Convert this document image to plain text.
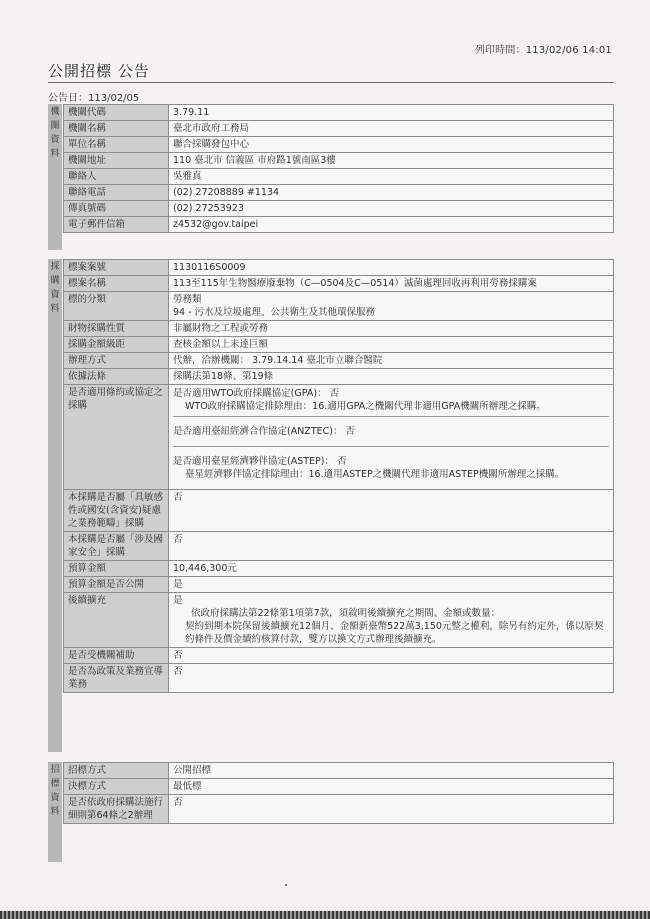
列印時間：113/02/06 14:01
公開招標 公告
公告日：113/02/05
機
關
資
料
機關代碼	3.79.11
機關名稱	臺北市政府工務局
單位名稱	聯合採購發包中心
機關地址	110 臺北市 信義區 市府路1號南區3樓
聯絡人	吳雅真
聯絡電話	(02) 27208889 #1134
傳真號碼	(02) 27253923
電子郵件信箱	z4532@gov.taipei
採
購
資
料
標案案號	1130116S0009
標案名稱	113至115年生物醫療廢棄物（C—0504及C—0514）滅菌處理回收再利用勞務採購案
標的分類	勞務類
94 - 污水及垃圾處理、公共衛生及其他環保服務

財物採購性質	非屬財物之工程或勞務
採購金額級距	查核金額以上未達巨額
辦理方式	代辦，洽辦機關： 3.79.14.14 臺北市立聯合醫院
依據法條	採購法第18條、第19條
是否適用條約或協定之採購	是否適用WTO政府採購協定(GPA)： 否
WTO政府採購協定排除理由：16.適用GPA之機關代理非適用GPA機關所辦理之採購。
是否適用臺紐經濟合作協定(ANZTEC)： 否
是否適用臺星經濟夥伴協定(ASTEP)： 否
臺星經濟夥伴協定排除理由：16.適用ASTEP之機關代理非適用ASTEP機關所辦理之採購。

本採購是否屬「具敏感性或國安(含資安)疑慮之業務範疇」採購	否
本採購是否屬「涉及國家安全」採購	否
預算金額	10,446,300元
預算金額是否公開	是
後續擴充	是
依政府採購法第22條第1項第7款，須敘明後續擴充之期間、金額或數量：
契約到期本院保留後續擴充12個月、金額新臺幣522萬3,150元整之權利，除另有約定外，係以原契約條件及價金續約核算付款，雙方以換文方式辦理後續擴充。

是否受機關補助	否
是否為政策及業務宣導業務	否
招
標
資
料
招標方式	公開招標
決標方式	最低標
是否依政府採購法施行細則第64條之2辦理	否
